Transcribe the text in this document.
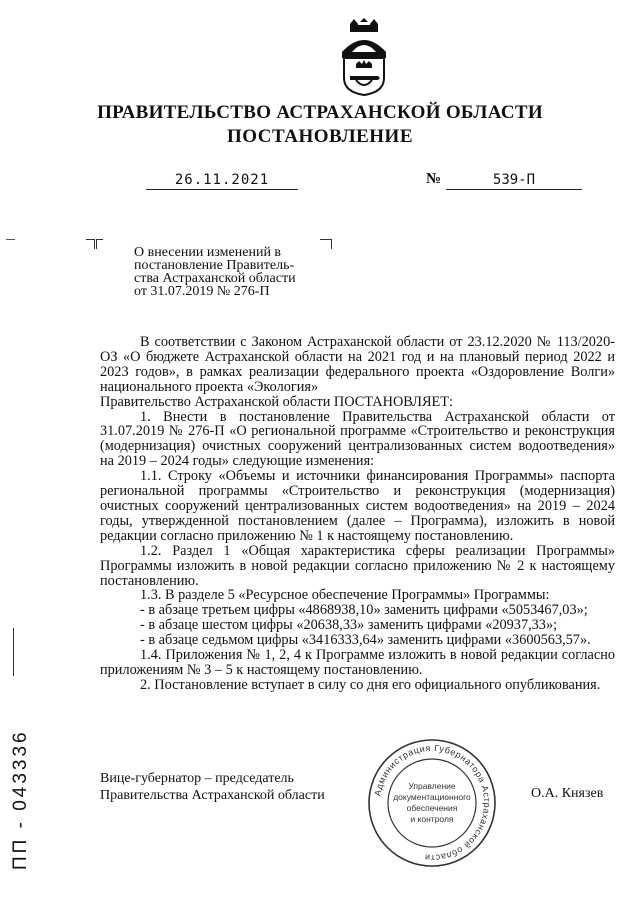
ПРАВИТЕЛЬСТВО АСТРАХАНСКОЙ ОБЛАСТИ
ПОСТАНОВЛЕНИЕ
26.11.2021	№	539-П
О внесении изменений в
постановление Правитель-
ства Астраханской области
от 31.07.2019 № 276-П

В соответствии с Законом Астраханской области от 23.12.2020 № 113/2020-ОЗ «О бюджете Астраханской области на 2021 год и на плановый период 2022 и 2023 годов», в рамках реализации федерального проекта «Оздоровление Волги» национального проекта «Экология»

Правительство Астраханской области ПОСТАНОВЛЯЕТ:

1. Внести в постановление Правительства Астраханской области от 31.07.2019 № 276-П «О региональной программе «Строительство и реконструкция (модернизация) очистных сооружений централизованных систем водоотведения» на 2019 – 2024 годы» следующие изменения:

1.1. Строку «Объемы и источники финансирования Программы» паспорта региональной программы «Строительство и реконструкция (модернизация) очистных сооружений централизованных систем водоотведения» на 2019 – 2024 годы, утвержденной постановлением (далее – Программа), изложить в новой редакции согласно приложению № 1 к настоящему постановлению.

1.2. Раздел 1 «Общая характеристика сферы реализации Программы» Программы изложить в новой редакции согласно приложению № 2 к настоящему постановлению.

1.3. В разделе 5 «Ресурсное обеспечение Программы» Программы:

- в абзаце третьем цифры «4868938,10» заменить цифрами «5053467,03»;

- в абзаце шестом цифры «20638,33» заменить цифрами «20937,33»;

- в абзаце седьмом цифры «3416333,64» заменить цифрами «3600563,57».

1.4. Приложения № 1, 2, 4 к Программе изложить в новой редакции согласно приложениям № 3 – 5 к настоящему постановлению.

2. Постановление вступает в силу со дня его официального опубликования.

Вице-губернатор – председатель
Правительства Астраханской области	Администрация Губернатора Астраханской области
Управление
документационного
обеспечения
и контроля
О.А. Князев
ПП - 043336
